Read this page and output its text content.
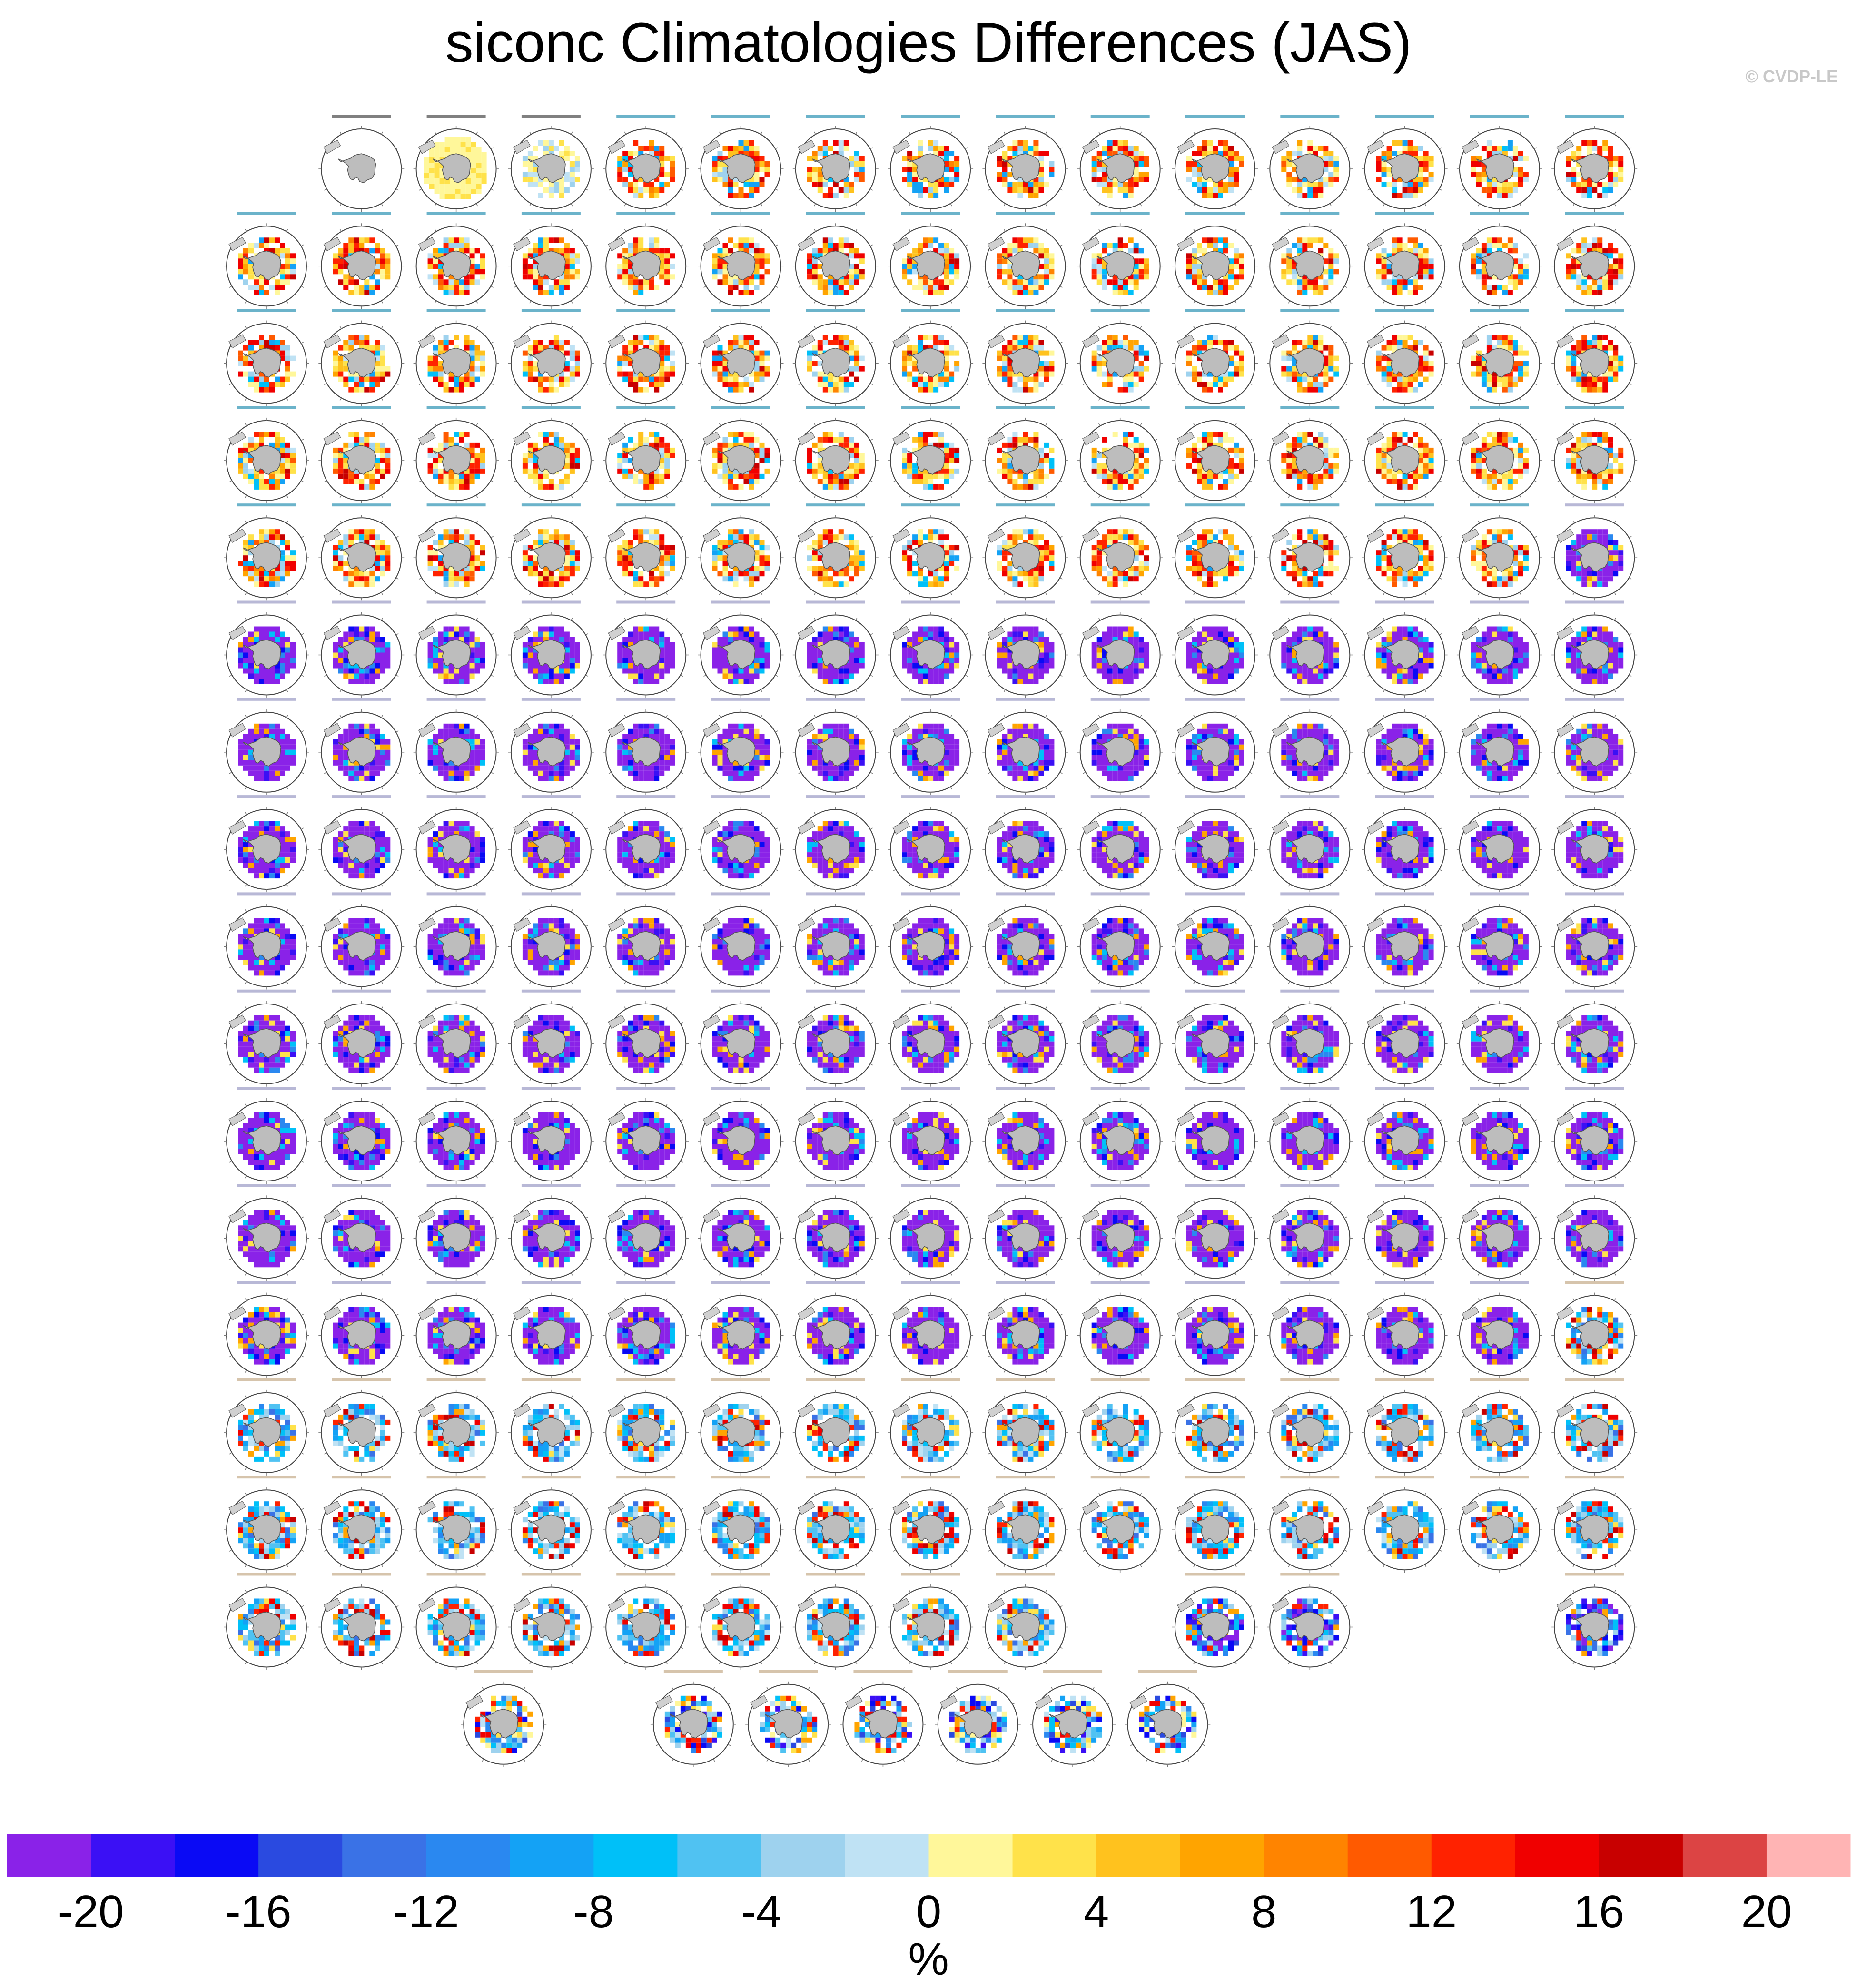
siconc Climatologies Differences (JAS)
© CVDP-LE
-20 -16 -12	-8	-4	0	4	8	12	16	20
%
